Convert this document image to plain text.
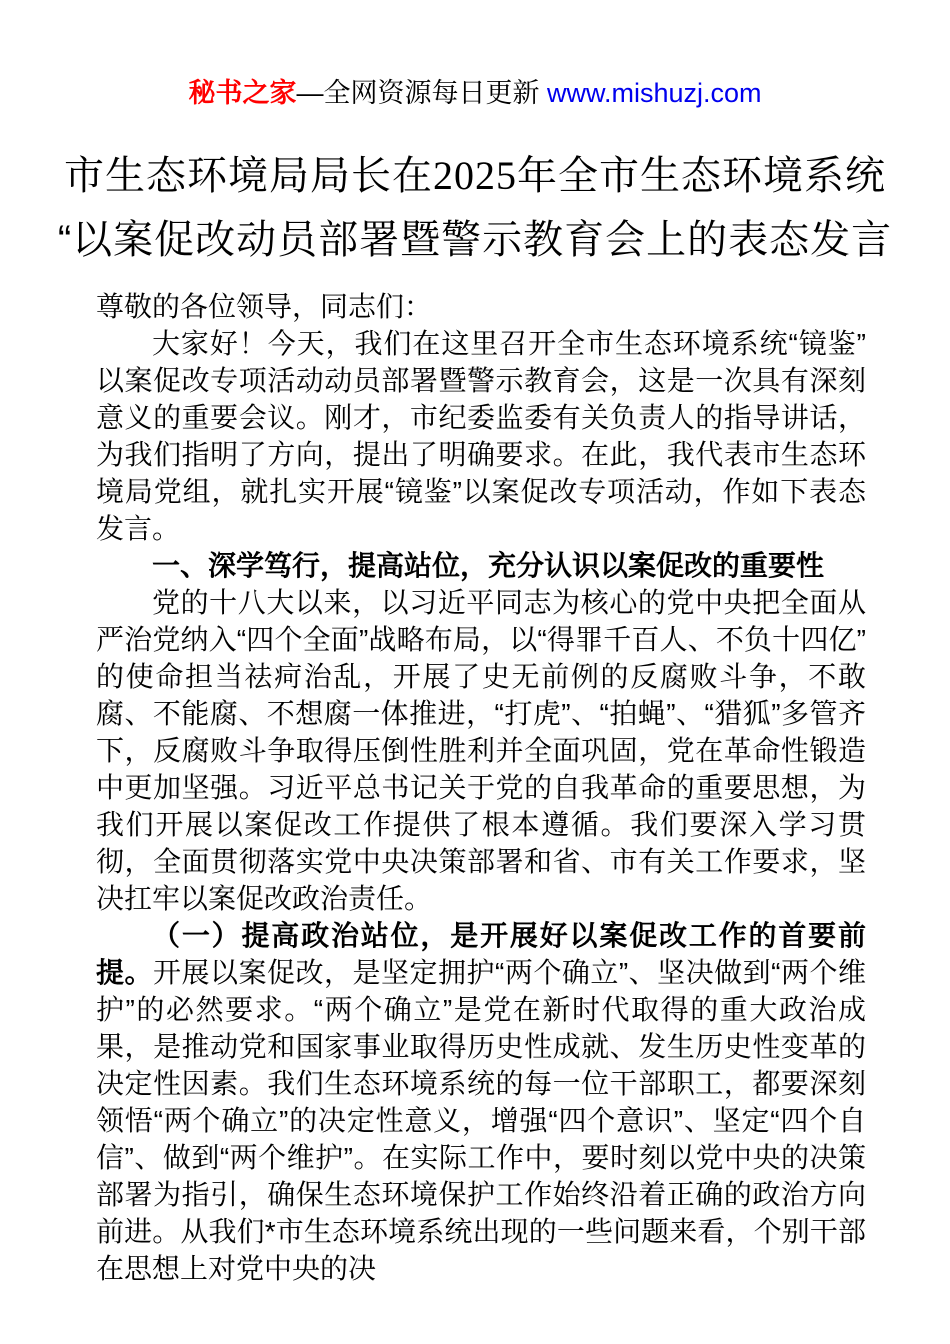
秘书之家—全网资源每日更新 www.mishuzj.com
市生态环境局局长在2025年全市生态环境系统
“以案促改动员部署暨警示教育会上的表态发言

尊敬的各位领导，同志们：

大家好！今天，我们在这里召开全市生态环境系统“镜鉴”以案促改专项活动动员部署暨警示教育会，这是一次具有深刻意义的重要会议。刚才，市纪委监委有关负责人的指导讲话，为我们指明了方向，提出了明确要求。在此，我代表市生态环境局党组，就扎实开展“镜鉴”以案促改专项活动，作如下表态发言。

一、深学笃行，提高站位，充分认识以案促改的重要性

党的十八大以来，以习近平同志为核心的党中央把全面从严治党纳入“四个全面”战略布局，以“得罪千百人、不负十四亿”的使命担当祛疴治乱，开展了史无前例的反腐败斗争，不敢腐、不能腐、不想腐一体推进，“打虎”、“拍蝇”、“猎狐”多管齐下，反腐败斗争取得压倒性胜利并全面巩固，党在革命性锻造中更加坚强。习近平总书记关于党的自我革命的重要思想，为我们开展以案促改工作提供了根本遵循。我们要深入学习贯彻，全面贯彻落实党中央决策部署和省、市有关工作要求，坚决扛牢以案促改政治责任。

（一）提高政治站位，是开展好以案促改工作的首要前提。开展以案促改，是坚定拥护“两个确立”、坚决做到“两个维护”的必然要求。“两个确立”是党在新时代取得的重大政治成果，是推动党和国家事业取得历史性成就、发生历史性变革的决定性因素。我们生态环境系统的每一位干部职工，都要深刻领悟“两个确立”的决定性意义，增强“四个意识”、坚定“四个自信”、做到“两个维护”。在实际工作中，要时刻以党中央的决策部署为指引，确保生态环境保护工作始终沿着正确的政治方向前进。从我们*市生态环境系统出现的一些问题来看，个别干部在思想上对党中央的决
